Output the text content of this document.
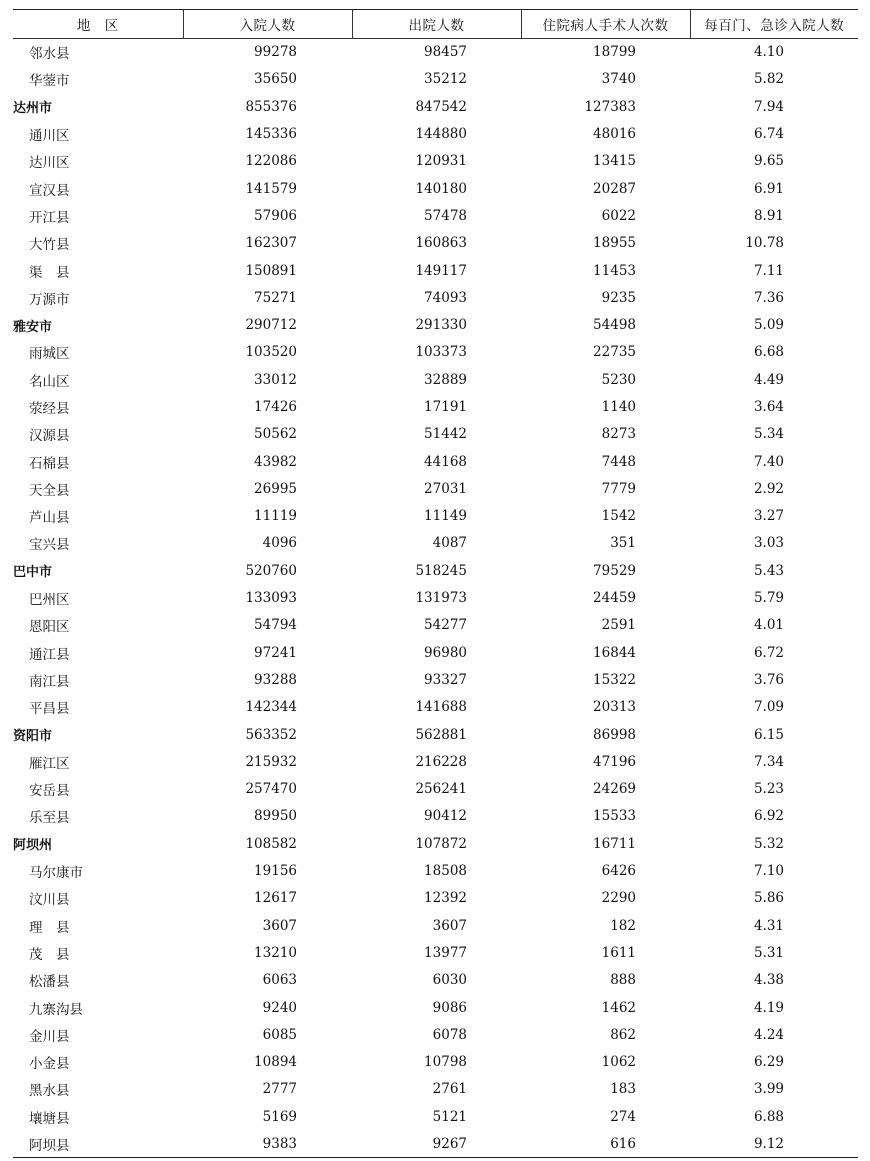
地　区	入院人数	出院人数	住院病人手术人次数	每百门、急诊入院人数
邻水县	99278	98457	18799	4.10
华蓥市	35650	35212	3740	5.82
达州市	855376	847542	127383	7.94
通川区	145336	144880	48016	6.74
达川区	122086	120931	13415	9.65
宣汉县	141579	140180	20287	6.91
开江县	57906	57478	6022	8.91
大竹县	162307	160863	18955	10.78
渠　县	150891	149117	11453	7.11
万源市	75271	74093	9235	7.36
雅安市	290712	291330	54498	5.09
雨城区	103520	103373	22735	6.68
名山区	33012	32889	5230	4.49
荥经县	17426	17191	1140	3.64
汉源县	50562	51442	8273	5.34
石棉县	43982	44168	7448	7.40
天全县	26995	27031	7779	2.92
芦山县	11119	11149	1542	3.27
宝兴县	4096	4087	351	3.03
巴中市	520760	518245	79529	5.43
巴州区	133093	131973	24459	5.79
恩阳区	54794	54277	2591	4.01
通江县	97241	96980	16844	6.72
南江县	93288	93327	15322	3.76
平昌县	142344	141688	20313	7.09
资阳市	563352	562881	86998	6.15
雁江区	215932	216228	47196	7.34
安岳县	257470	256241	24269	5.23
乐至县	89950	90412	15533	6.92
阿坝州	108582	107872	16711	5.32
马尔康市	19156	18508	6426	7.10
汶川县	12617	12392	2290	5.86
理　县	3607	3607	182	4.31
茂　县	13210	13977	1611	5.31
松潘县	6063	6030	888	4.38
九寨沟县	9240	9086	1462	4.19
金川县	6085	6078	862	4.24
小金县	10894	10798	1062	6.29
黑水县	2777	2761	183	3.99
壤塘县	5169	5121	274	6.88
阿坝县	9383	9267	616	9.12
